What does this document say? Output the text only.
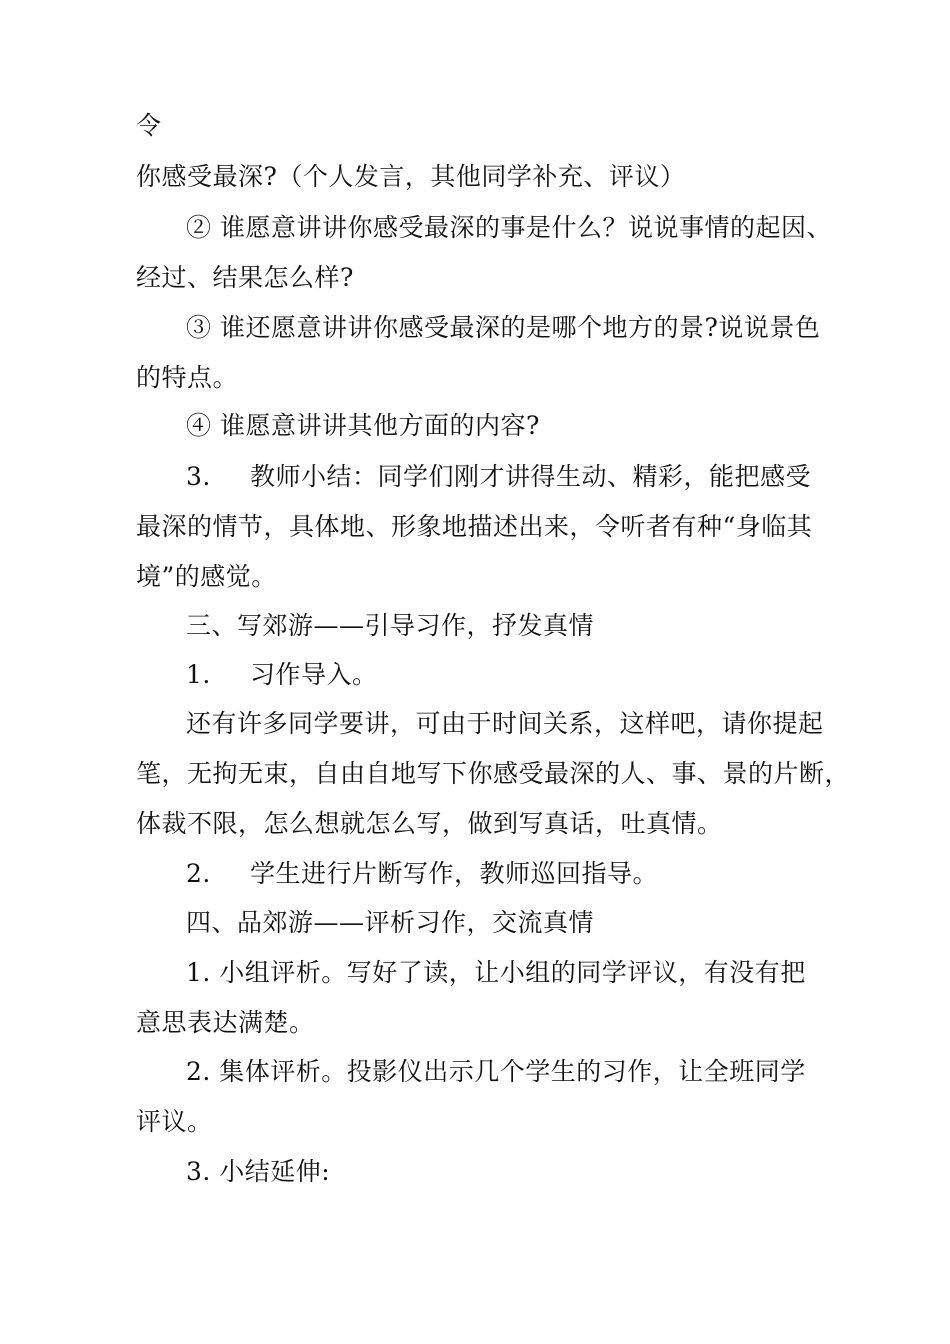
令
你感受最深?（个人发言，其他同学补充、评议）
② 谁愿意讲讲你感受最深的事是什么？说说事情的起因、
经过、结果怎么样?
③ 谁还愿意讲讲你感受最深的是哪个地方的景?说说景色
的特点。
④ 谁愿意讲讲其他方面的内容?
3. 教师小结：同学们刚才讲得生动、精彩，能把感受
最深的情节，具体地、形象地描述出来，令听者有种“身临其
境”的感觉。
三、写郊游——引导习作，抒发真情
1. 习作导入。
还有许多同学要讲，可由于时间关系，这样吧，请你提起
笔，无拘无束，自由自地写下你感受最深的人、事、景的片断，
体裁不限，怎么想就怎么写，做到写真话，吐真情。
2. 学生进行片断写作，教师巡回指导。
四、品郊游——评析习作，交流真情
1. 小组评析。写好了读，让小组的同学评议，有没有把
意思表达满楚。
2. 集体评析。投影仪出示几个学生的习作，让全班同学
评议。
3. 小结延伸:
